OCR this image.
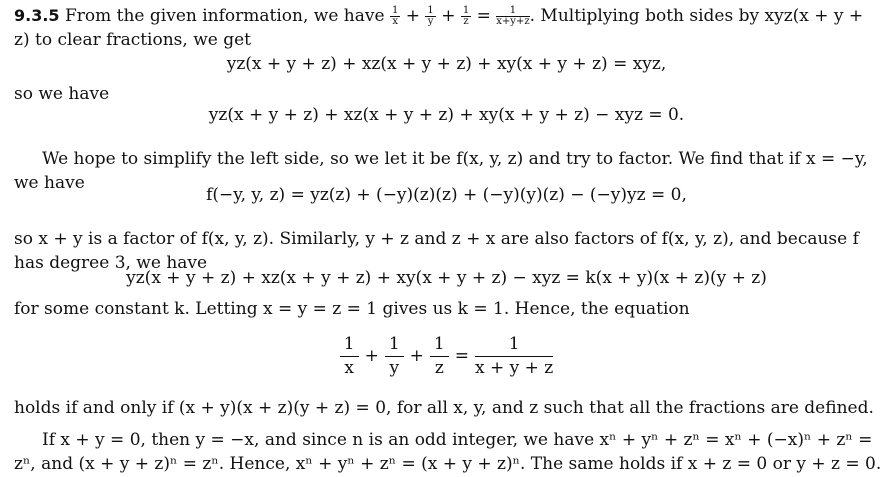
9.3.5 From the given information, we have $\frac{1}{x} + \frac{1}{y} + \frac{1}{z} = \frac{1}{x+y+z}$ . Multiplying both sides by xyz(x + y + z) to clear fractions, we get
yz(x + y + z) + xz(x + y + z) + xy(x + y + z) = xyz,
so we have
yz(x + y + z) + xz(x + y + z) + xy(x + y + z) − xyz = 0.
We hope to simplify the left side, so we let it be f(x, y, z) and try to factor. We find that if x = −y, we have
f(−y, y, z) = yz(z) + (−y)(z)(z) + (−y)(y)(z) − (−y)yz = 0,
so x + y is a factor of f(x, y, z). Similarly, y + z and z + x are also factors of f(x, y, z), and because f has degree 3, we have
yz(x + y + z) + xz(x + y + z) + xy(x + y + z) − xyz = k(x + y)(x + z)(y + z)
for some constant k. Letting x = y = z = 1 gives us k = 1. Hence, the equation
$\frac{1}{x} + \frac{1}{y} + \frac{1}{z} = \frac{1}{x + y + z}$
holds if and only if (x + y)(x + z)(y + z) = 0, for all x, y, and z such that all the fractions are defined.
If x + y = 0, then y = −x, and since n is an odd integer, we have xⁿ + yⁿ + zⁿ = xⁿ + (−x)ⁿ + zⁿ = zⁿ, and (x + y + z)ⁿ = zⁿ. Hence, xⁿ + yⁿ + zⁿ = (x + y + z)ⁿ. The same holds if x + z = 0 or y + z = 0.
